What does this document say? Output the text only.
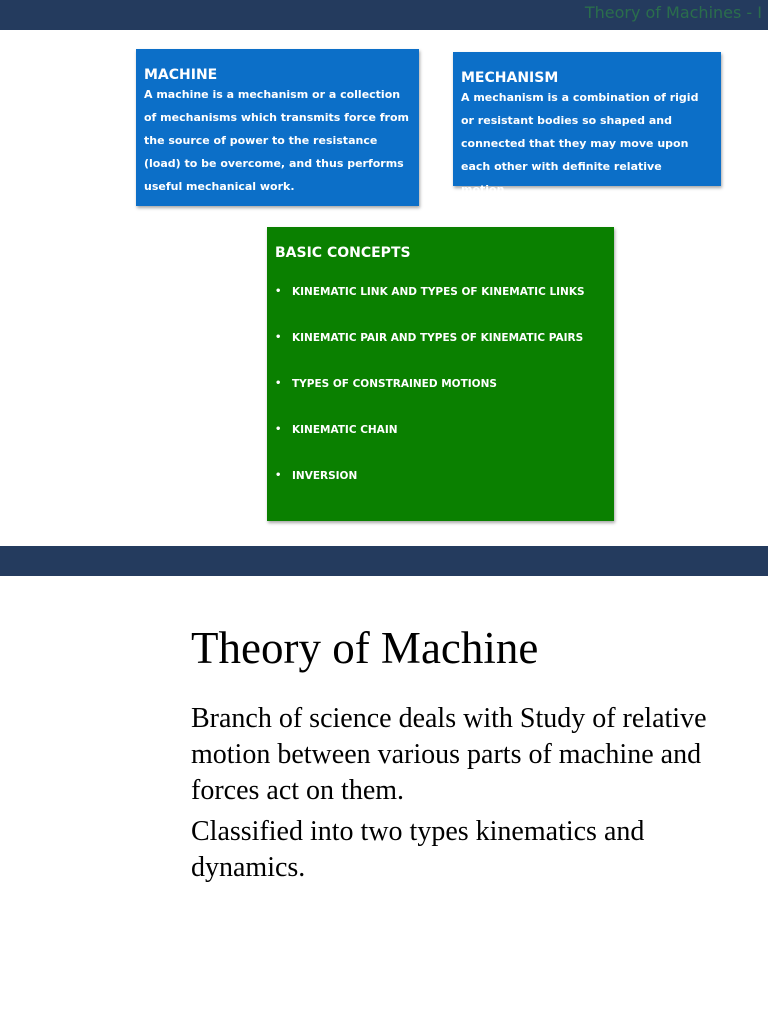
Theory of Machines - I

MACHINE

A machine is a mechanism or a collection of mechanisms which transmits force from the source of power to the resistance (load) to be overcome, and thus performs useful mechanical work.

MECHANISM

A mechanism is a combination of rigid or resistant bodies so shaped and connected that they may move upon each other with definite relative motion.

BASIC CONCEPTS

• KINEMATIC LINK AND TYPES OF KINEMATIC LINKS
• KINEMATIC PAIR AND TYPES OF KINEMATIC PAIRS
• TYPES OF CONSTRAINED MOTIONS
• KINEMATIC CHAIN
• INVERSION
Theory of Machine

Branch of science deals with Study of relative motion between various parts of machine and forces act on them.

Classified into two types kinematics and dynamics.
